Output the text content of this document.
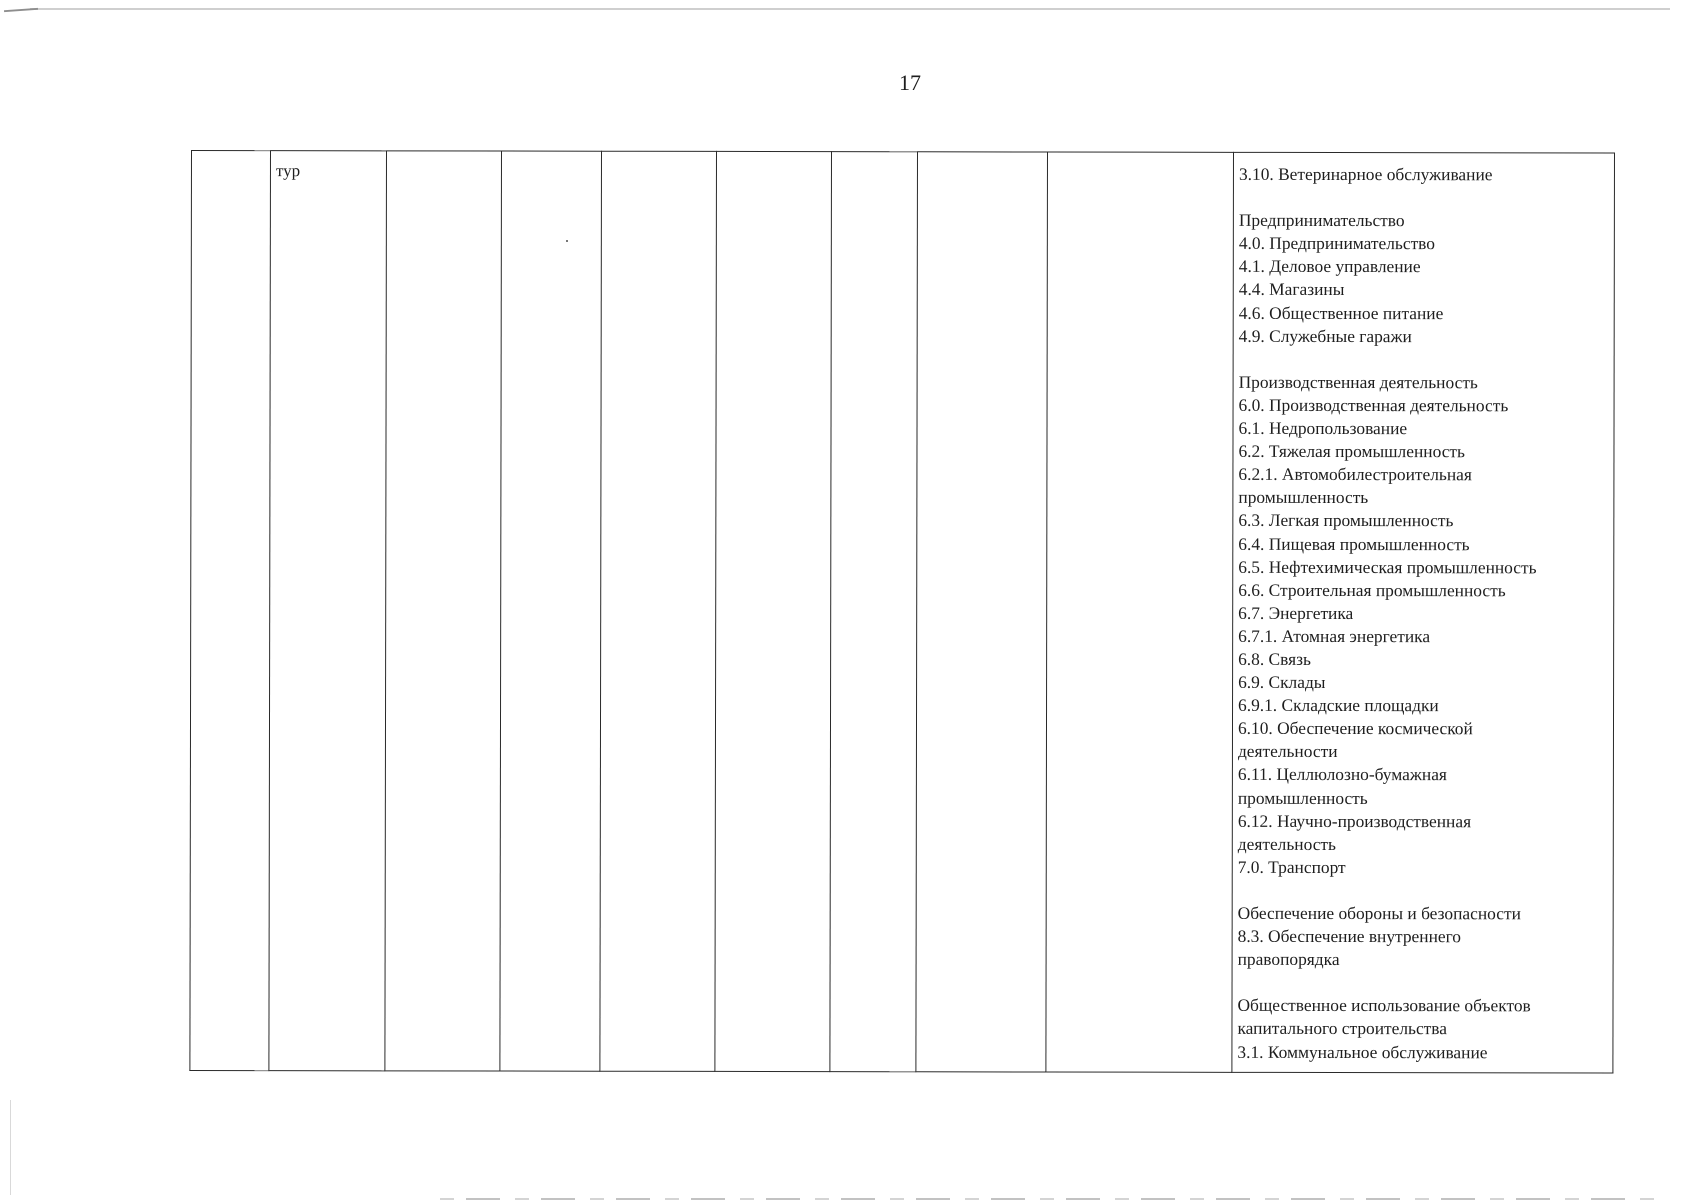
17

тур								3.10. Ветеринарное обслуживание
Предпринимательство
4.0. Предпринимательство
4.1. Деловое управление
4.4. Магазины
4.6. Общественное питание
4.9. Служебные гаражи
Производственная деятельность
6.0. Производственная деятельность
6.1. Недропользование
6.2. Тяжелая промышленность
6.2.1. Автомобилестроительная
промышленность
6.3. Легкая промышленность
6.4. Пищевая промышленность
6.5. Нефтехимическая промышленность
6.6. Строительная промышленность
6.7. Энергетика
6.7.1. Атомная энергетика
6.8. Связь
6.9. Склады
6.9.1. Складские площадки
6.10. Обеспечение космической
деятельности
6.11. Целлюлозно-бумажная
промышленность
6.12. Научно-производственная
деятельность
7.0. Транспорт
Обеспечение обороны и безопасности
8.3. Обеспечение внутреннего
правопорядка
Общественное использование объектов
капитального строительства
3.1. Коммунальное обслуживание
